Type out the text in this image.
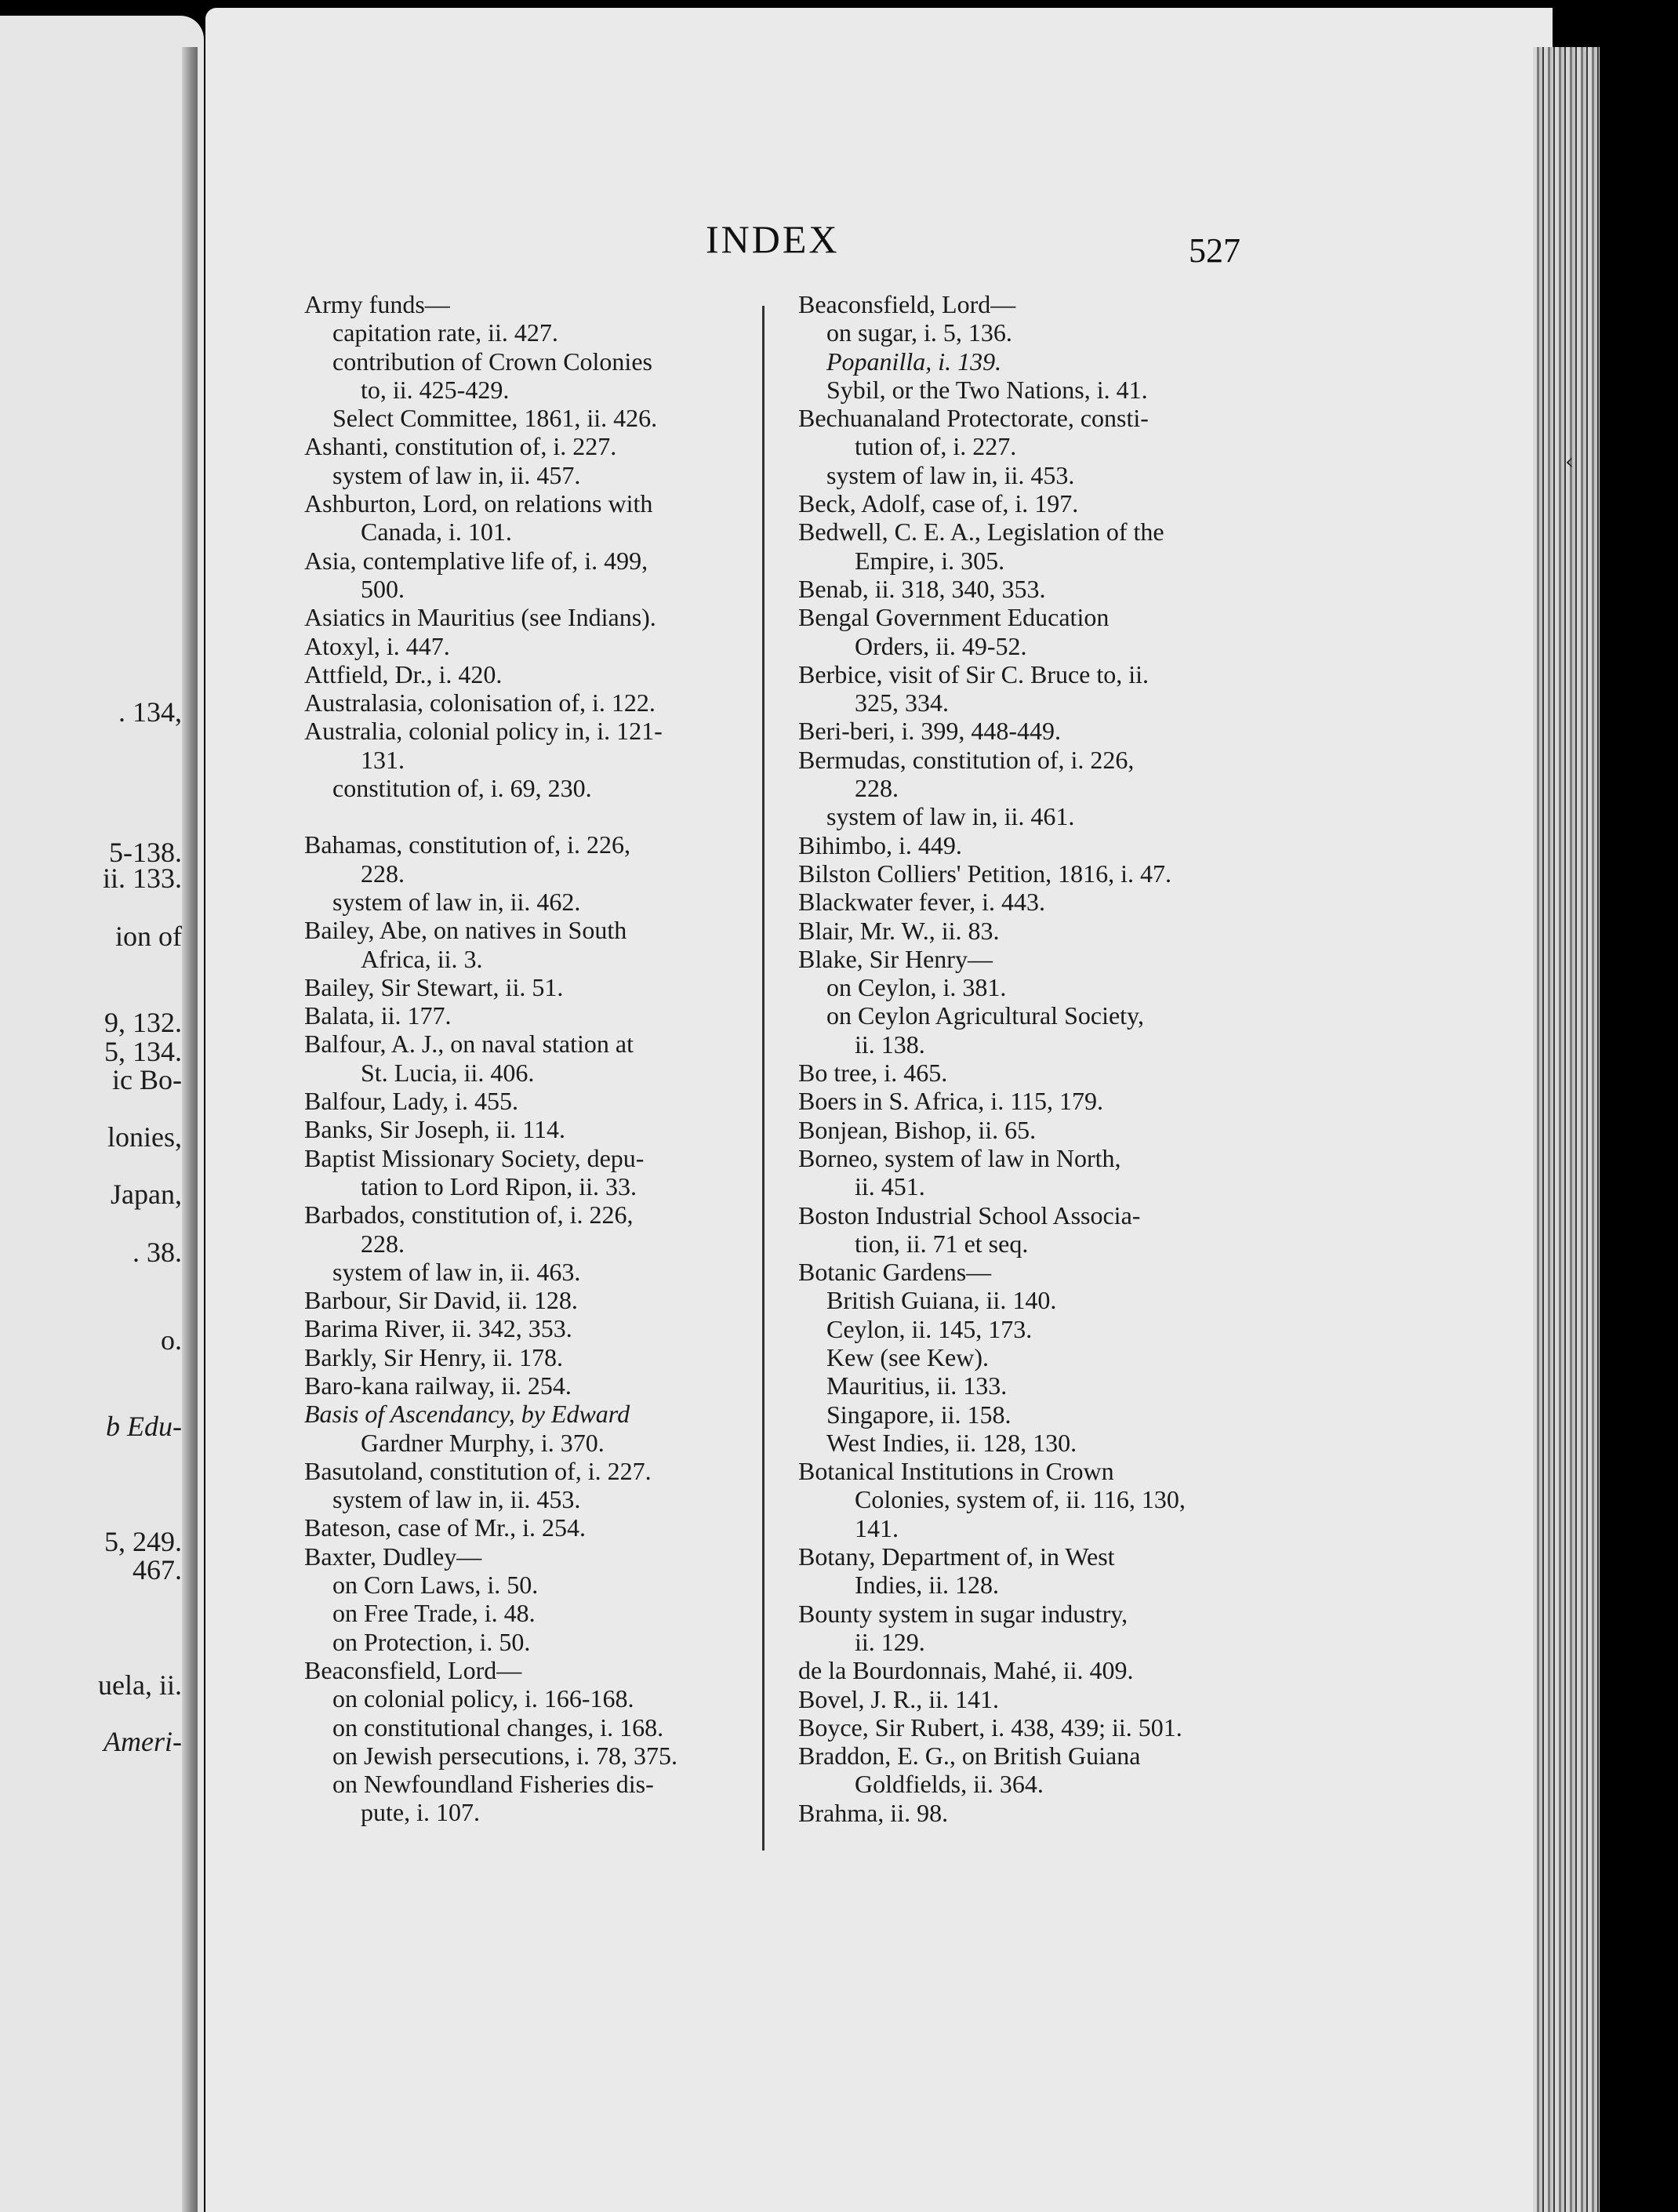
‹
. 134,
5-138.
ii. 133.
ion of
9, 132.
5, 134.
ic Bo-
lonies,
Japan,
. 38.
o.
b Edu-
5, 249.
467.
uela, ii.
Ameri-
INDEX	527
Army funds—
capitation rate, ii. 427.
contribution of Crown Colonies
to, ii. 425-429.
Select Committee, 1861, ii. 426.
Ashanti, constitution of, i. 227.
system of law in, ii. 457.
Ashburton, Lord, on relations with
Canada, i. 101.
Asia, contemplative life of, i. 499,
500.
Asiatics in Mauritius (see Indians).
Atoxyl, i. 447.
Attfield, Dr., i. 420.
Australasia, colonisation of, i. 122.
Australia, colonial policy in, i. 121-
131.
constitution of, i. 69, 230.
Bahamas, constitution of, i. 226,
228.
system of law in, ii. 462.
Bailey, Abe, on natives in South
Africa, ii. 3.
Bailey, Sir Stewart, ii. 51.
Balata, ii. 177.
Balfour, A. J., on naval station at
St. Lucia, ii. 406.
Balfour, Lady, i. 455.
Banks, Sir Joseph, ii. 114.
Baptist Missionary Society, depu-
tation to Lord Ripon, ii. 33.
Barbados, constitution of, i. 226,
228.
system of law in, ii. 463.
Barbour, Sir David, ii. 128.
Barima River, ii. 342, 353.
Barkly, Sir Henry, ii. 178.
Baro-kana railway, ii. 254.
Basis of Ascendancy, by Edward
Gardner Murphy, i. 370.
Basutoland, constitution of, i. 227.
system of law in, ii. 453.
Bateson, case of Mr., i. 254.
Baxter, Dudley—
on Corn Laws, i. 50.
on Free Trade, i. 48.
on Protection, i. 50.
Beaconsfield, Lord—
on colonial policy, i. 166-168.
on constitutional changes, i. 168.
on Jewish persecutions, i. 78, 375.
on Newfoundland Fisheries dis-
pute, i. 107.
Beaconsfield, Lord—
on sugar, i. 5, 136.
Popanilla, i. 139.
Sybil, or the Two Nations, i. 41.
Bechuanaland Protectorate, consti-
tution of, i. 227.
system of law in, ii. 453.
Beck, Adolf, case of, i. 197.
Bedwell, C. E. A., Legislation of the
Empire, i. 305.
Benab, ii. 318, 340, 353.
Bengal Government Education
Orders, ii. 49-52.
Berbice, visit of Sir C. Bruce to, ii.
325, 334.
Beri-beri, i. 399, 448-449.
Bermudas, constitution of, i. 226,
228.
system of law in, ii. 461.
Bihimbo, i. 449.
Bilston Colliers' Petition, 1816, i. 47.
Blackwater fever, i. 443.
Blair, Mr. W., ii. 83.
Blake, Sir Henry—
on Ceylon, i. 381.
on Ceylon Agricultural Society,
ii. 138.
Bo tree, i. 465.
Boers in S. Africa, i. 115, 179.
Bonjean, Bishop, ii. 65.
Borneo, system of law in North,
ii. 451.
Boston Industrial School Associa-
tion, ii. 71 et seq.
Botanic Gardens—
British Guiana, ii. 140.
Ceylon, ii. 145, 173.
Kew (see Kew).
Mauritius, ii. 133.
Singapore, ii. 158.
West Indies, ii. 128, 130.
Botanical Institutions in Crown
Colonies, system of, ii. 116, 130,
141.
Botany, Department of, in West
Indies, ii. 128.
Bounty system in sugar industry,
ii. 129.
de la Bourdonnais, Mahé, ii. 409.
Bovel, J. R., ii. 141.
Boyce, Sir Rubert, i. 438, 439; ii. 501.
Braddon, E. G., on British Guiana
Goldfields, ii. 364.
Brahma, ii. 98.
